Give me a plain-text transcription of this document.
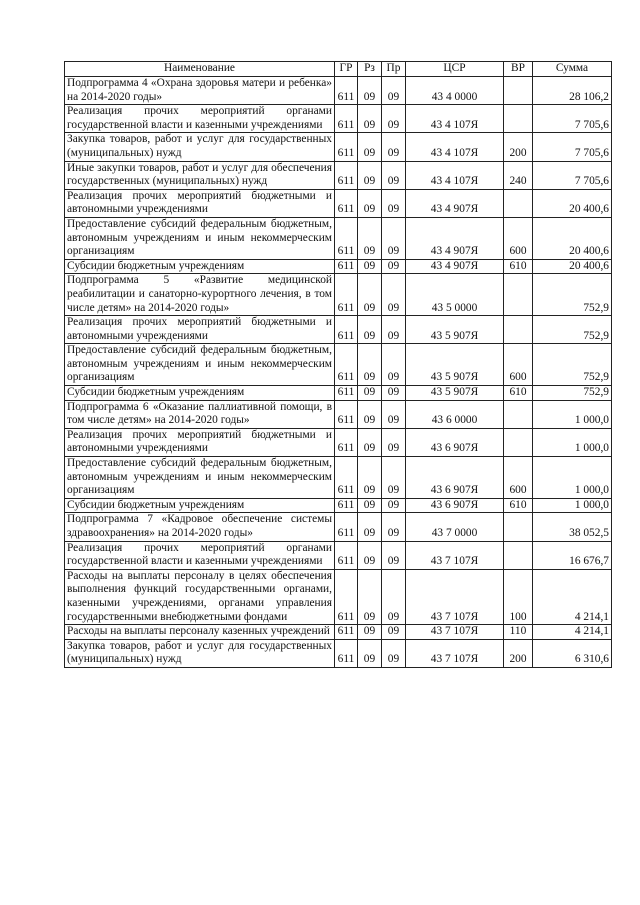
Наименование	ГР	Рз	Пр	ЦСР	ВР	Сумма
Подпрограмма 4 «Охрана здоровья матери и ребенка» на 2014-2020 годы»	611	09	09	43 4 0000		28 106,2
Реализация прочих мероприятий органами государственной власти и казенными учреждениями	611	09	09	43 4 107Я		7 705,6
Закупка товаров, работ и услуг для государственных (муниципальных) нужд	611	09	09	43 4 107Я	200	7 705,6
Иные закупки товаров, работ и услуг для обеспечения государственных (муниципальных) нужд	611	09	09	43 4 107Я	240	7 705,6
Реализация прочих мероприятий бюджетными и автономными учреждениями	611	09	09	43 4 907Я		20 400,6
Предоставление субсидий федеральным бюджетным, автономным учреждениям и иным некоммерческим организациям	611	09	09	43 4 907Я	600	20 400,6
Субсидии бюджетным учреждениям	611	09	09	43 4 907Я	610	20 400,6
Подпрограмма 5 «Развитие медицинской реабилитации и санаторно-курортного лечения, в том числе детям» на 2014-2020 годы»	611	09	09	43 5 0000		752,9
Реализация прочих мероприятий бюджетными и автономными учреждениями	611	09	09	43 5 907Я		752,9
Предоставление субсидий федеральным бюджетным, автономным учреждениям и иным некоммерческим организациям	611	09	09	43 5 907Я	600	752,9
Субсидии бюджетным учреждениям	611	09	09	43 5 907Я	610	752,9
Подпрограмма 6 «Оказание паллиативной помощи, в том числе детям» на 2014-2020 годы»	611	09	09	43 6 0000		1 000,0
Реализация прочих мероприятий бюджетными и автономными учреждениями	611	09	09	43 6 907Я		1 000,0
Предоставление субсидий федеральным бюджетным, автономным учреждениям и иным некоммерческим организациям	611	09	09	43 6 907Я	600	1 000,0
Субсидии бюджетным учреждениям	611	09	09	43 6 907Я	610	1 000,0
Подпрограмма 7 «Кадровое обеспечение системы здравоохранения» на 2014-2020 годы»	611	09	09	43 7 0000		38 052,5
Реализация прочих мероприятий органами государственной власти и казенными учреждениями	611	09	09	43 7 107Я		16 676,7
Расходы на выплаты персоналу в целях обеспечения выполнения функций государственными органами, казенными учреждениями, органами управления государственными внебюджетными фондами	611	09	09	43 7 107Я	100	4 214,1
Расходы на выплаты персоналу казенных учреждений	611	09	09	43 7 107Я	110	4 214,1
Закупка товаров, работ и услуг для государственных (муниципальных) нужд	611	09	09	43 7 107Я	200	6 310,6
